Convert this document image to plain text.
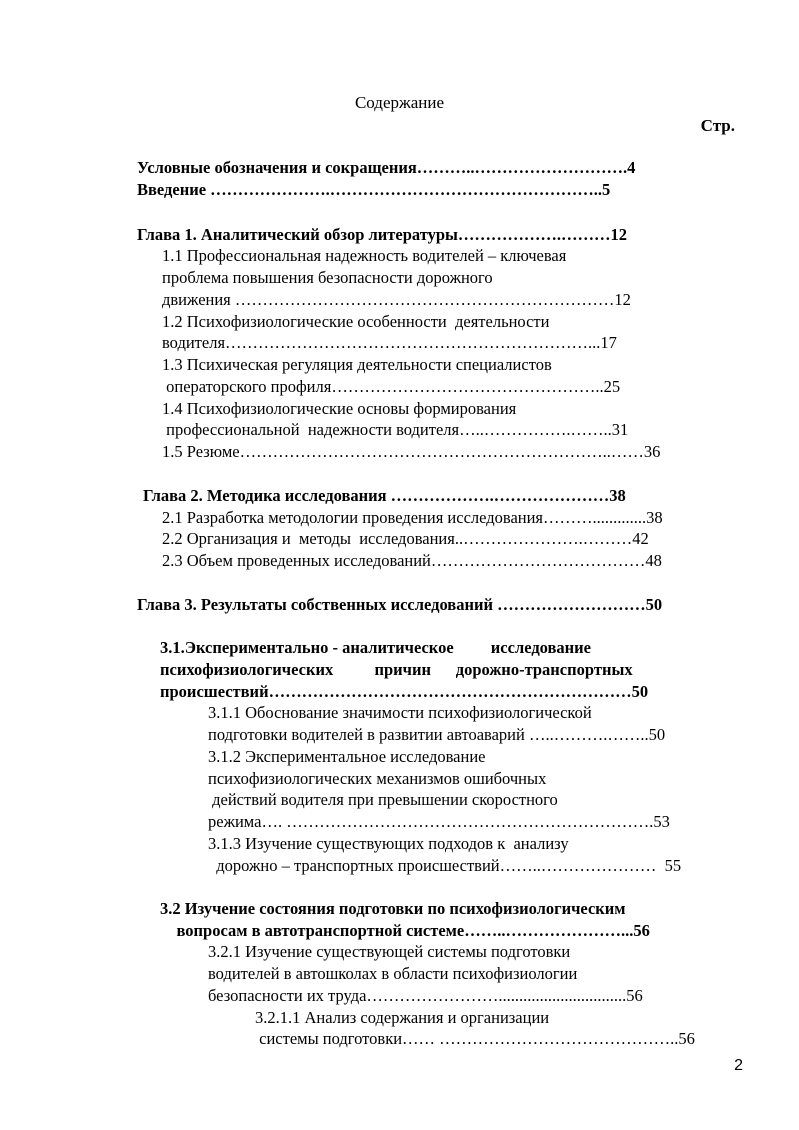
Содержание
Стр.
Условные обозначения и сокращения………..……………………….4
Введение ………………….…………………………………………..5
Глава 1. Аналитический обзор литературы……………….………12
1.1 Профессиональная надежность водителей – ключевая
проблема повышения безопасности дорожного
движения ……………………………………………………………12
1.2 Психофизиологические особенности  деятельности
водителя…………………………………………………………...17
1.3 Психическая регуляция деятельности специалистов
операторского профиля…………………………………………..25
1.4 Психофизиологические основы формирования
профессиональной  надежности водителя…..…………….……..31
1.5 Резюме…………………………………………………………..……36
Глава 2. Методика исследования ……………….…………………38
2.1 Разработка методологии проведения исследования……….............38
2.2 Организация и  методы  исследования..………………….………42
2.3 Объем проведенных исследований…………………………………48
Глава 3. Результаты собственных исследований ………………………50
3.1.Экспериментально - аналитическое         исследование
психофизиологических          причин      дорожно-транспортных
происшествий…………………………………………………………50
3.1.1 Обоснование значимости психофизиологической
подготовки водителей в развитии автоаварий …..……….……..50
3.1.2 Экспериментальное исследование
психофизиологических механизмов ошибочных
действий водителя при превышении скоростного
режима…. ………………………………………………………….53
3.1.3 Изучение существующих подходов к  анализу
дорожно – транспортных происшествий……..…………………  55
3.2 Изучение состояния подготовки по психофизиологическим
вопросам в автотранспортной системе……..…………………...56
3.2.1 Изучение существующей системы подготовки
водителей в автошколах в области психофизиологии
безопасности их труда……………………...............................56
3.2.1.1 Анализ содержания и организации
системы подготовки…… ……………………………………..56
2
